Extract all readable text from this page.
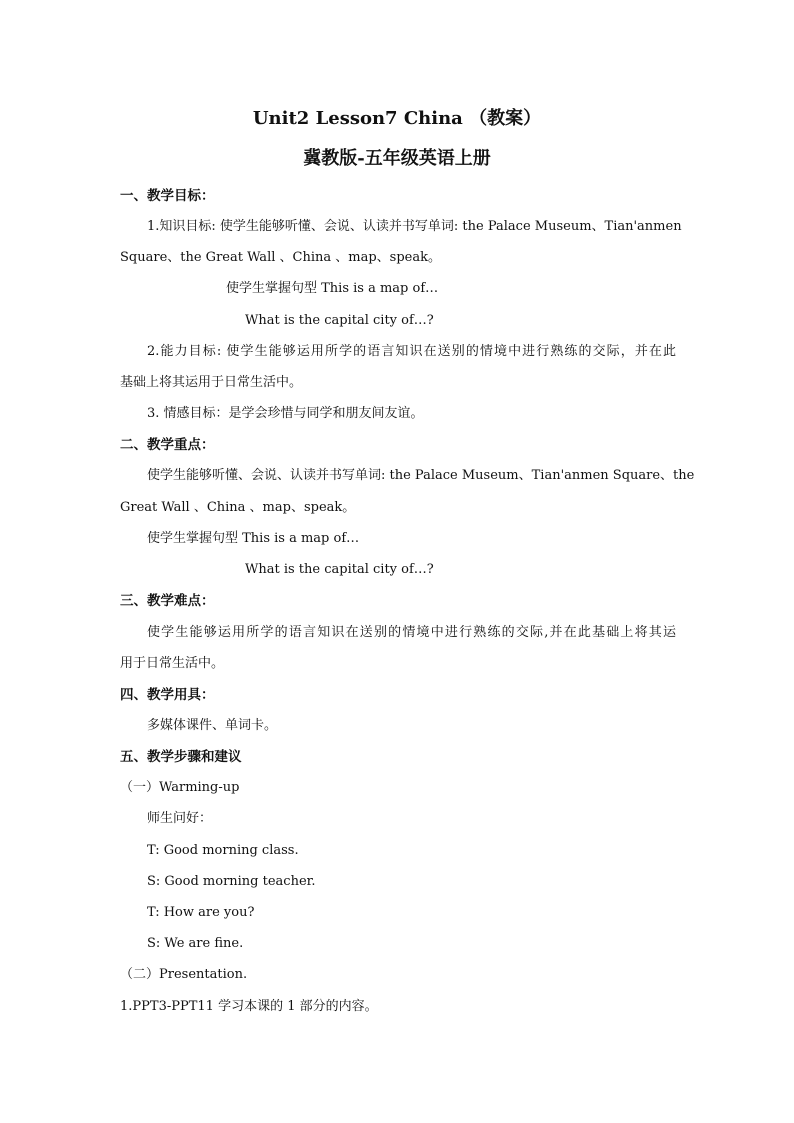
Unit2 Lesson7 China （教案）
冀教版-五年级英语上册
一、教学目标：
1.知识目标: 使学生能够听懂、会说、认读并书写单词: the Palace Museum、Tian'anmen
Square、the Great Wall 、China 、map、speak。
使学生掌握句型 This is a map of…
What is the capital city of…?
2.能力目标: 使学生能够运用所学的语言知识在送别的情境中进行熟练的交际，并在此
基础上将其运用于日常生活中。
3. 情感目标：是学会珍惜与同学和朋友间友谊。
二、教学重点：
使学生能够听懂、会说、认读并书写单词: the Palace Museum、Tian'anmen Square、the
Great Wall 、China 、map、speak。
使学生掌握句型 This is a map of…
What is the capital city of…?
三、教学难点：
使学生能够运用所学的语言知识在送别的情境中进行熟练的交际,并在此基础上将其运
用于日常生活中。
四、教学用具：
多媒体课件、单词卡。
五、教学步骤和建议
（一）Warming-up
师生问好：
T: Good morning class.
S: Good morning teacher.
T: How are you?
S: We are fine.
（二）Presentation.
1.PPT3-PPT11 学习本课的 1 部分的内容。
